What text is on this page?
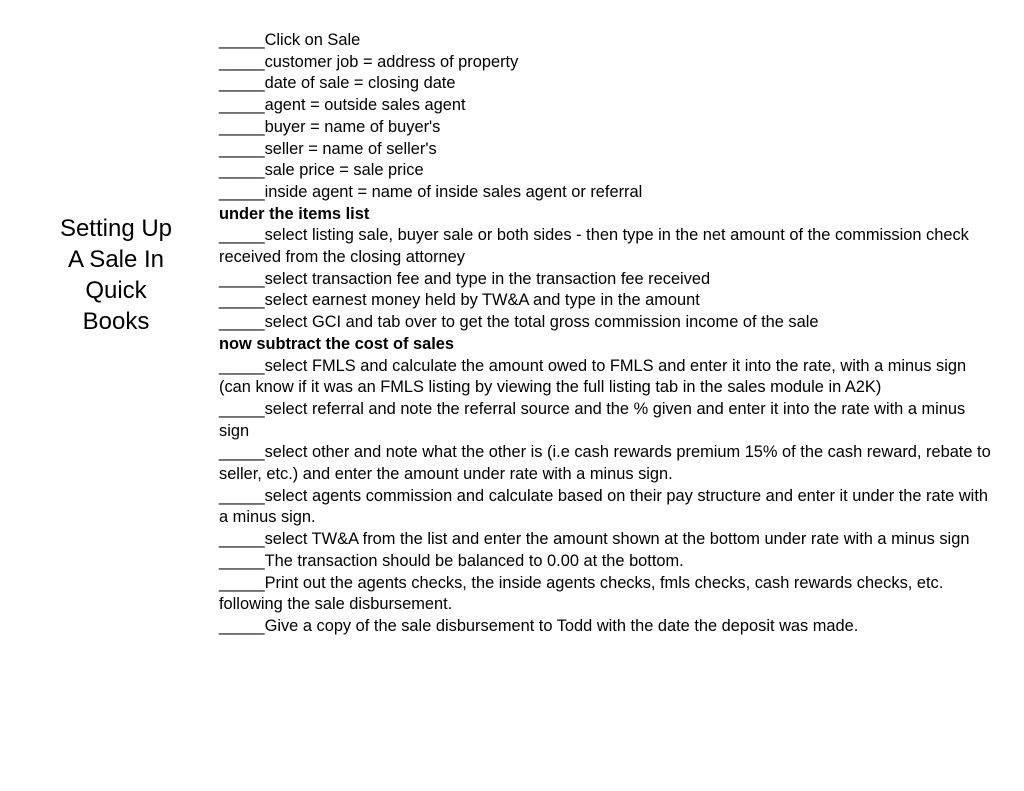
Setting Up
A Sale In
Quick
Books
_____Click on Sale
_____customer job = address of property
_____date of sale = closing date
_____agent = outside sales agent
_____buyer = name of buyer's
_____seller = name of seller's
_____sale price = sale price
_____inside agent = name of inside sales agent or referral
under the items list
_____select listing sale, buyer sale or both sides - then type in the net amount of the commission check received from the closing attorney
_____select transaction fee and type in the transaction fee received
_____select earnest money held by TW&A and type in the amount
_____select GCI and tab over to get the total gross commission income of the sale
now subtract the cost of sales
_____select FMLS and calculate the amount owed to FMLS and enter it into the rate, with a minus sign (can know if it was an FMLS listing by viewing the full listing tab in the sales module in A2K)
_____select referral and note the referral source and the % given and enter it into the rate with a minus sign
_____select other and note what the other is (i.e cash rewards premium 15% of the cash reward, rebate to seller, etc.) and enter the amount under rate with a minus sign.
_____select agents commission and calculate based on their pay structure and enter it under the rate with a minus sign.
_____select TW&A from the list and enter the amount shown at the bottom under rate with a minus sign
_____The transaction should be balanced to 0.00 at the bottom.
_____Print out the agents checks, the inside agents checks, fmls checks, cash rewards checks, etc. following the sale disbursement.
_____Give a copy of the sale disbursement to Todd with the date the deposit was made.
